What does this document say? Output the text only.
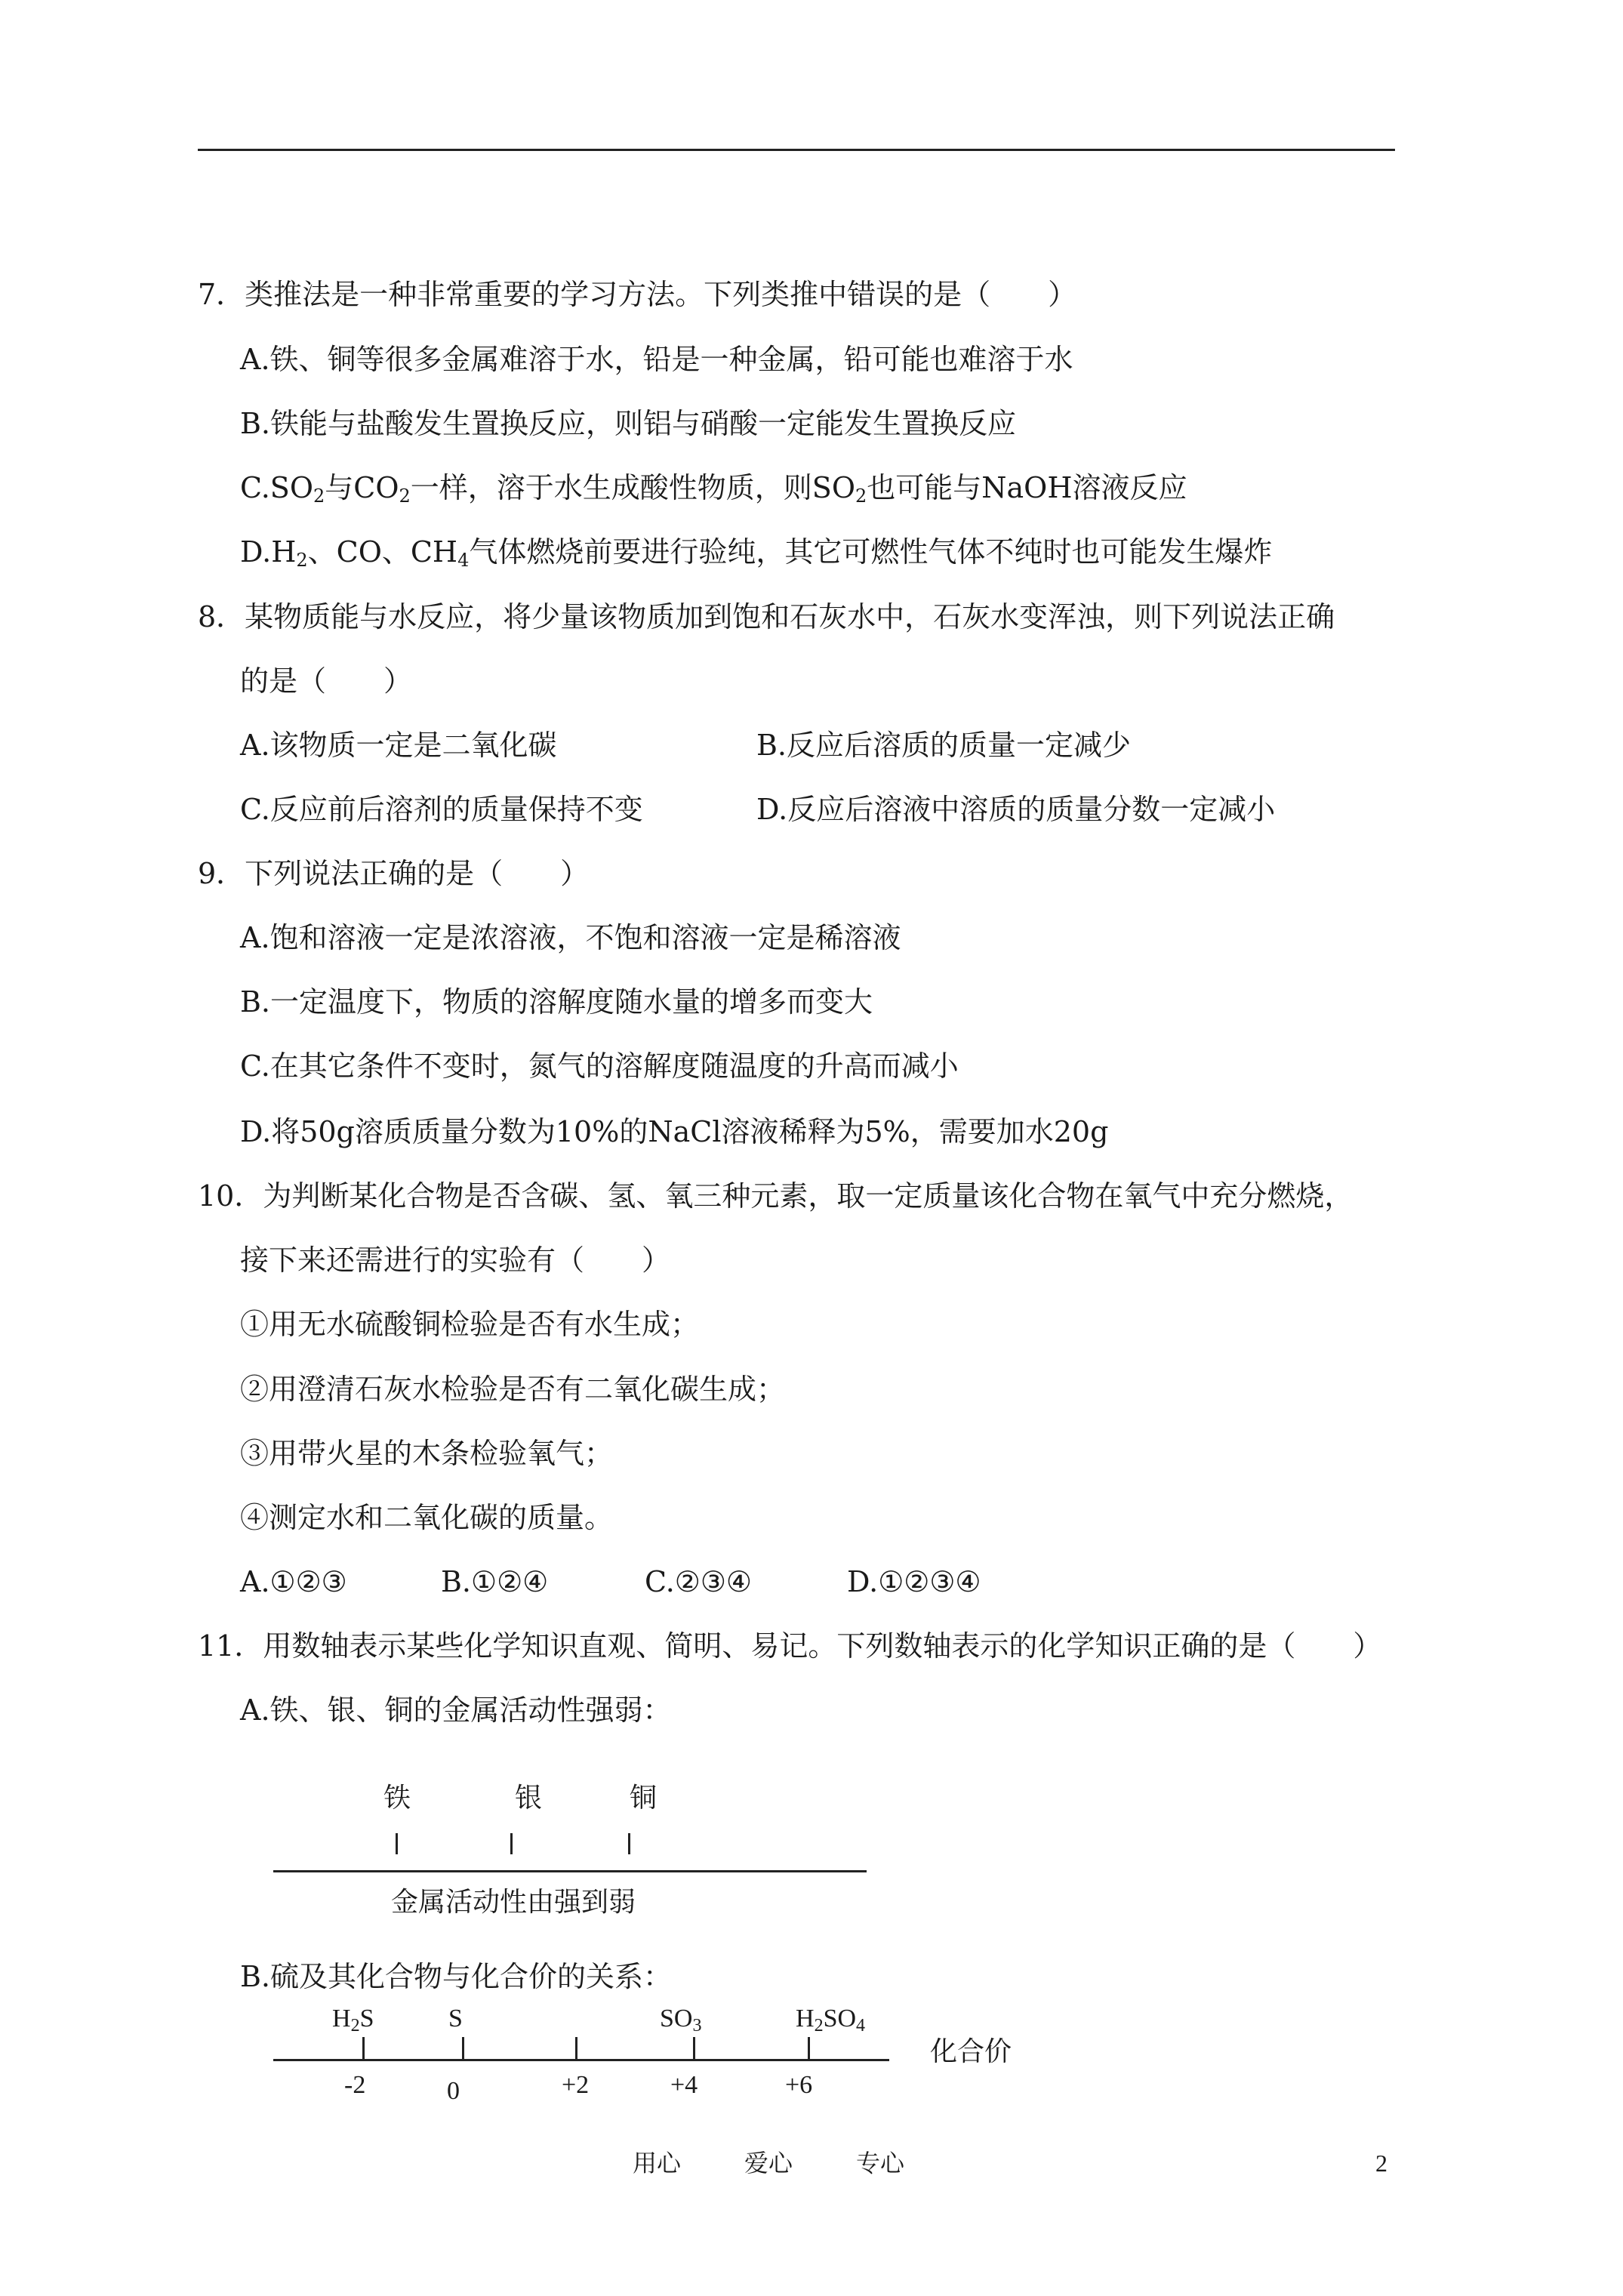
7．类推法是一种非常重要的学习方法。下列类推中错误的是（　　）
A.铁、铜等很多金属难溶于水，铅是一种金属，铅可能也难溶于水
B.铁能与盐酸发生置换反应，则铝与硝酸一定能发生置换反应
$C.SO_2$与$CO_2$一样，溶于水生成酸性物质，则$SO_2$也可能与NaOH溶液反应
$D.H_2$、CO、$CH_4$气体燃烧前要进行验纯，其它可燃性气体不纯时也可能发生爆炸
8．某物质能与水反应，将少量该物质加到饱和石灰水中，石灰水变浑浊，则下列说法正确
的是（　　）
A.该物质一定是二氧化碳	B.反应后溶质的质量一定减少
C.反应前后溶剂的质量保持不变	D.反应后溶液中溶质的质量分数一定减小
9．下列说法正确的是（　　）
A.饱和溶液一定是浓溶液，不饱和溶液一定是稀溶液
B.一定温度下，物质的溶解度随水量的增多而变大
C.在其它条件不变时，氮气的溶解度随温度的升高而减小
D.将50g溶质质量分数为10%的NaCl溶液稀释为5%，需要加水20g
10．为判断某化合物是否含碳、氢、氧三种元素，取一定质量该化合物在氧气中充分燃烧，
接下来还需进行的实验有（　　）
①用无水硫酸铜检验是否有水生成；
②用澄清石灰水检验是否有二氧化碳生成；
③用带火星的木条检验氧气；
④测定水和二氧化碳的质量。
A.①②③	B.①②④	C.②③④	D.①②③④
11．用数轴表示某些化学知识直观、简明、易记。下列数轴表示的化学知识正确的是（　　）
A.铁、银、铜的金属活动性强弱：
铁	银	铜
金属活动性由强到弱
B.硫及其化合物与化合价的关系：
$H_2S$	S	$SO_3$	$H_2SO_4$
化合价
-2	0	+2	+4	+6
用心	爱心	专心	2
